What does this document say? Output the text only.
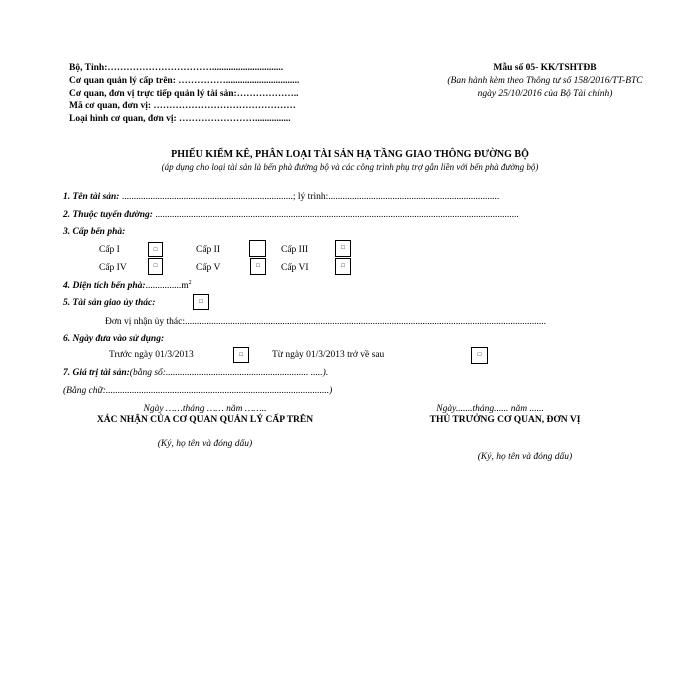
Bộ, Tỉnh:……………………………..............................
Cơ quan quản lý cấp trên: ……………...............................
Cơ quan, đơn vị trực tiếp quản lý tài sản:………………..
Mã cơ quan, đơn vị: ………………………………………
Loại hình cơ quan, đơn vị: ……………………...............
Mẫu số 05- KK/TSHTĐB
(Ban hành kèm theo Thông tư số 158/2016/TT-BTC
ngày 25/10/2016 của Bộ Tài chính)
PHIẾU KIỂM KÊ, PHÂN LOẠI TÀI SẢN HẠ TẦNG GIAO THÔNG ĐƯỜNG BỘ
(áp dụng cho loại tài sản là bến phà đường bộ và các công trình phụ trợ gắn liền với bến phà đường bộ)
1. Tên tài sản: ........................................................................; lý trình:........................................................................
2. Thuộc tuyến đường: .........................................................................................................................................................
3. Cấp bến phà:
Cấp I	□	Cấp II	Cấp III	□
Cấp IV	□	Cấp V	□ Cấp VI	□
4. Diện tích bến $phà:...............m^2$
5. Tài sản giao ủy thác:	□
Đơn vị nhận ủy thác:........................................................................................................................................................
6. Ngày đưa vào sử dụng:
Trước ngày 01/3/2013	□	Từ ngày 01/3/2013 trở về sau	□
7. Giá trị tài sản:(bằng số:............................................................ .....).
(Bằng chữ:..............................................................................................)
Ngày ……tháng …… năm ……..
XÁC NHẬN CỦA CƠ QUAN QUẢN LÝ CẤP TRÊN
(Ký, họ tên và đóng dấu)
Ngày.......tháng...... năm ......
THỦ TRƯỞNG CƠ QUAN, ĐƠN VỊ
(Ký, họ tên và đóng dấu)
